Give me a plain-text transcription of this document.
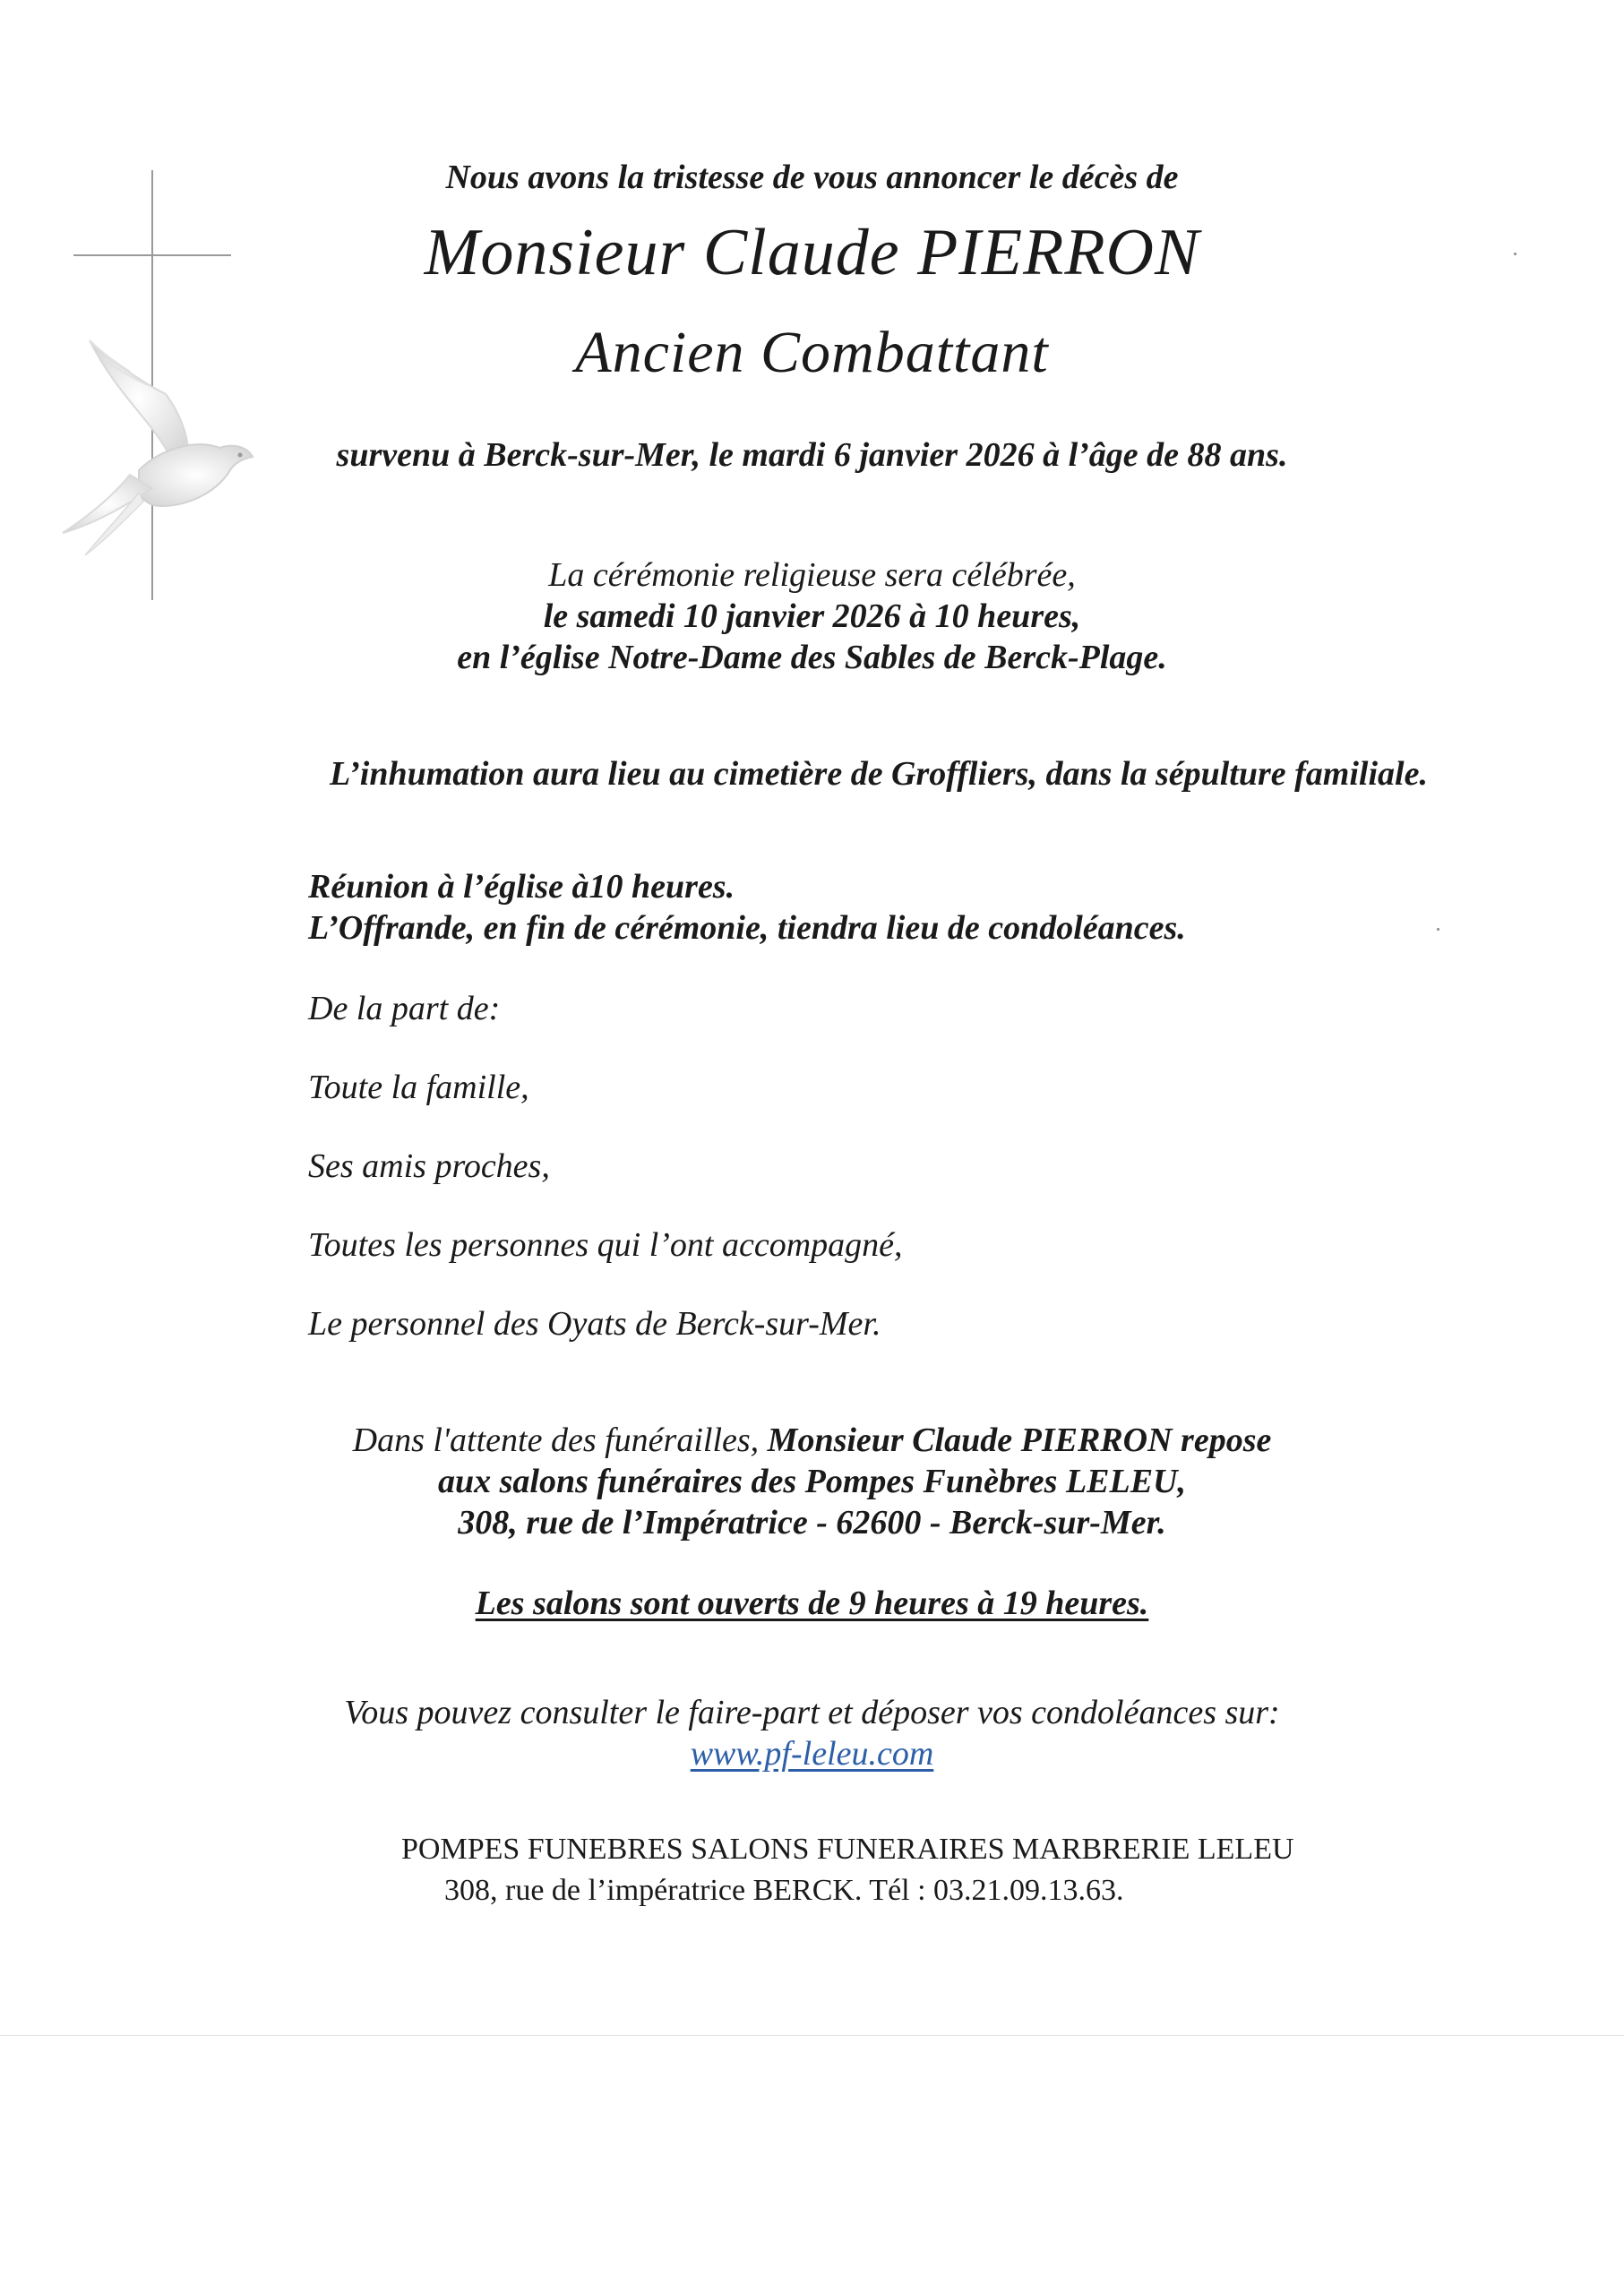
Nous avons la tristesse de vous annoncer le décès de
Monsieur Claude PIERRON
Ancien Combattant
survenu à Berck-sur-Mer, le mardi 6 janvier 2026 à l’âge de 88 ans.
La cérémonie religieuse sera célébrée,
le samedi 10 janvier 2026 à 10 heures,
en l’église Notre-Dame des Sables de Berck-Plage.
L’inhumation aura lieu au cimetière de Groffliers, dans la sépulture familiale.
Réunion à l’église à10 heures.
L’Offrande, en fin de cérémonie, tiendra lieu de condoléances.
De la part de:
Toute la famille,
Ses amis proches,
Toutes les personnes qui l’ont accompagné,
Le personnel des Oyats de Berck-sur-Mer.
Dans l'attente des funérailles, Monsieur Claude PIERRON repose
aux salons funéraires des Pompes Funèbres LELEU,
308, rue de l’Impératrice - 62600 - Berck-sur-Mer.
Les salons sont ouverts de 9 heures à 19 heures.
Vous pouvez consulter le faire-part et déposer vos condoléances sur:
www.pf-leleu.com
POMPES FUNEBRES SALONS FUNERAIRES MARBRERIE LELEU
308, rue de l’impératrice BERCK. Tél : 03.21.09.13.63.
